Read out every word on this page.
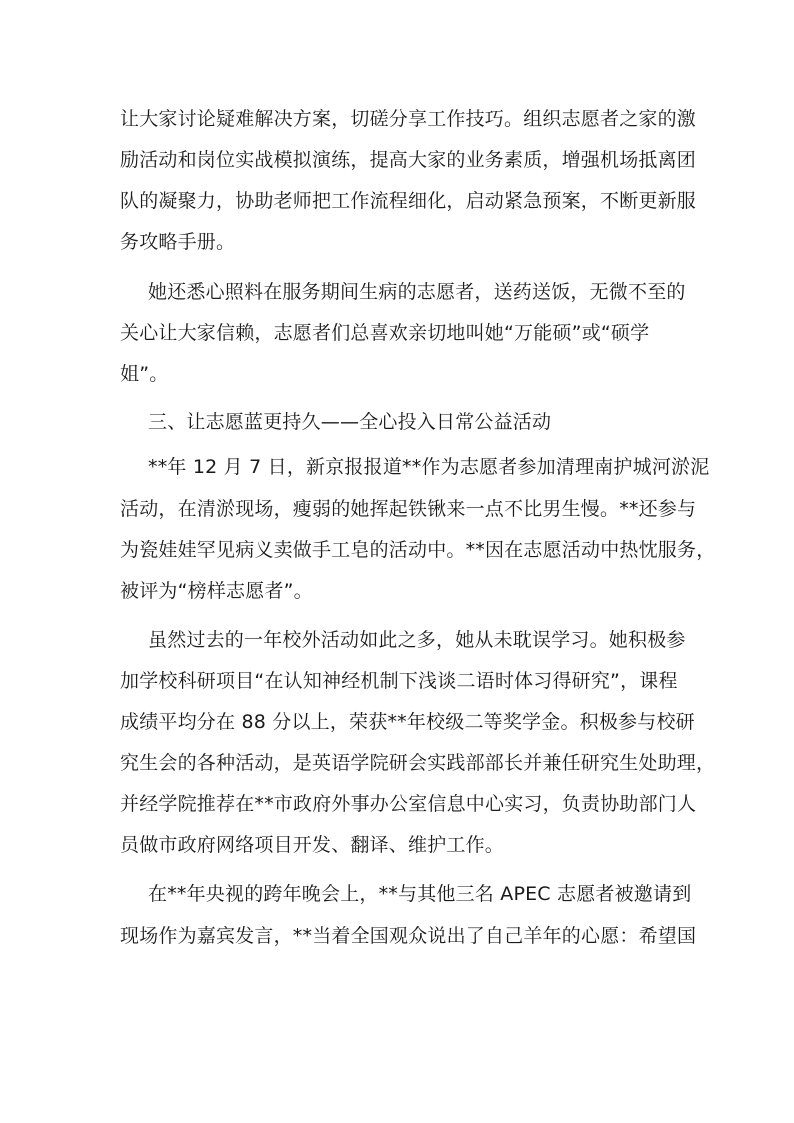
让大家讨论疑难解决方案，切磋分享工作技巧。组织志愿者之家的激
励活动和岗位实战模拟演练，提高大家的业务素质，增强机场抵离团
队的凝聚力，协助老师把工作流程细化，启动紧急预案，不断更新服
务攻略手册。
她还悉心照料在服务期间生病的志愿者，送药送饭，无微不至的
关心让大家信赖，志愿者们总喜欢亲切地叫她“万能硕”或“硕学
姐”。
三、让志愿蓝更持久——全心投入日常公益活动
**年 12 月 7 日，新京报报道**作为志愿者参加清理南护城河淤泥
活动，在清淤现场，瘦弱的她挥起铁锹来一点不比男生慢。**还参与
为瓷娃娃罕见病义卖做手工皂的活动中。**因在志愿活动中热忱服务，
被评为“榜样志愿者”。
虽然过去的一年校外活动如此之多，她从未耽误学习。她积极参
加学校科研项目“在认知神经机制下浅谈二语时体习得研究”，课程
成绩平均分在 88 分以上，荣获**年校级二等奖学金。积极参与校研
究生会的各种活动，是英语学院研会实践部部长并兼任研究生处助理，
并经学院推荐在**市政府外事办公室信息中心实习，负责协助部门人
员做市政府网络项目开发、翻译、维护工作。
在**年央视的跨年晚会上，**与其他三名 APEC 志愿者被邀请到
现场作为嘉宾发言，**当着全国观众说出了自己羊年的心愿：希望国
